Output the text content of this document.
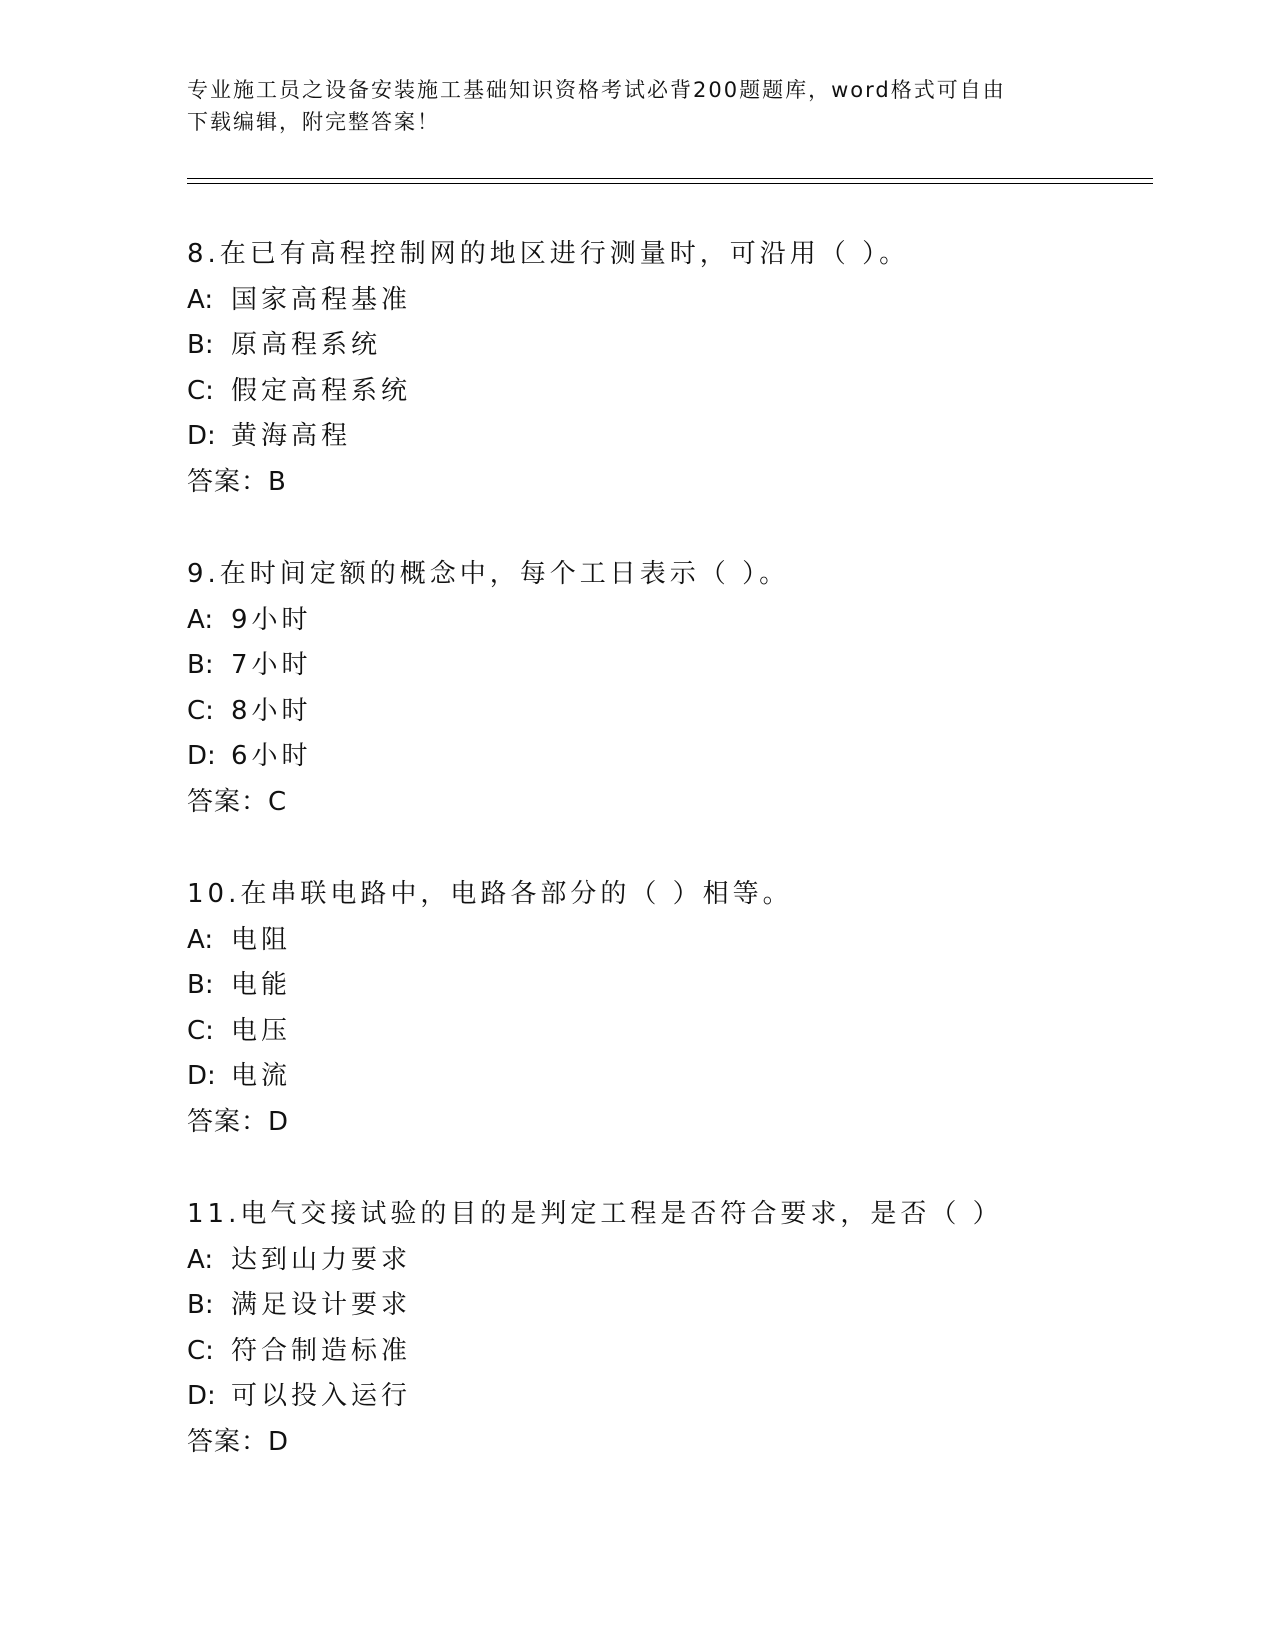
专业施工员之设备安装施工基础知识资格考试必背200题题库，word格式可自由
下载编辑，附完整答案！
8.在已有高程控制网的地区进行测量时，可沿用（ ）。
A: 国家高程基准
B: 原高程系统
C: 假定高程系统
D: 黄海高程
答案：B
9.在时间定额的概念中，每个工日表示（ ）。
A: 9小时
B: 7小时
C: 8小时
D: 6小时
答案：C
10.在串联电路中，电路各部分的（ ）相等。
A: 电阻
B: 电能
C: 电压
D: 电流
答案：D
11.电气交接试验的目的是判定工程是否符合要求，是否（ ）
A: 达到山力要求
B: 满足设计要求
C: 符合制造标准
D: 可以投入运行
答案：D
